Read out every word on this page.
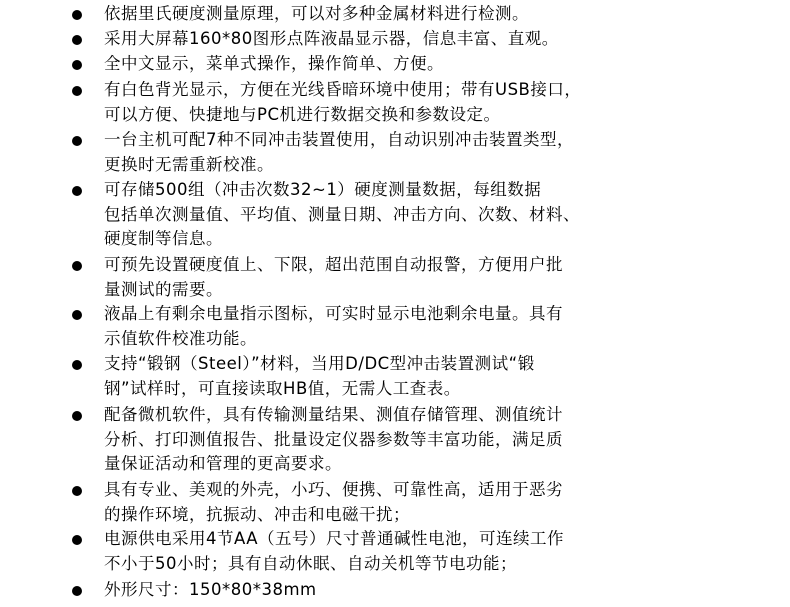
依据里氏硬度测量原理，可以对多种金属材料进行检测。
采用大屏幕160*80图形点阵液晶显示器，信息丰富、直观。
全中文显示，菜单式操作，操作简单、方便。
有白色背光显示，方便在光线昏暗环境中使用；带有USB接口，
可以方便、快捷地与PC机进行数据交换和参数设定。
一台主机可配7种不同冲击装置使用，自动识别冲击装置类型，
更换时无需重新校准。
可存储500组（冲击次数32~1）硬度测量数据，每组数据
包括单次测量值、平均值、测量日期、冲击方向、次数、材料、
硬度制等信息。
可预先设置硬度值上、下限，超出范围自动报警，方便用户批
量测试的需要。
液晶上有剩余电量指示图标，可实时显示电池剩余电量。具有
示值软件校准功能。
支持“锻钢（Steel）”材料，当用D/DC型冲击装置测试“锻
钢”试样时，可直接读取HB值，无需人工查表。
配备微机软件，具有传输测量结果、测值存储管理、测值统计
分析、打印测值报告、批量设定仪器参数等丰富功能，满足质
量保证活动和管理的更高要求。
具有专业、美观的外壳，小巧、便携、可靠性高，适用于恶劣
的操作环境，抗振动、冲击和电磁干扰；
电源供电采用4节AA（五号）尺寸普通碱性电池，可连续工作
不小于50小时；具有自动休眠、自动关机等节电功能；
外形尺寸：150*80*38mm
